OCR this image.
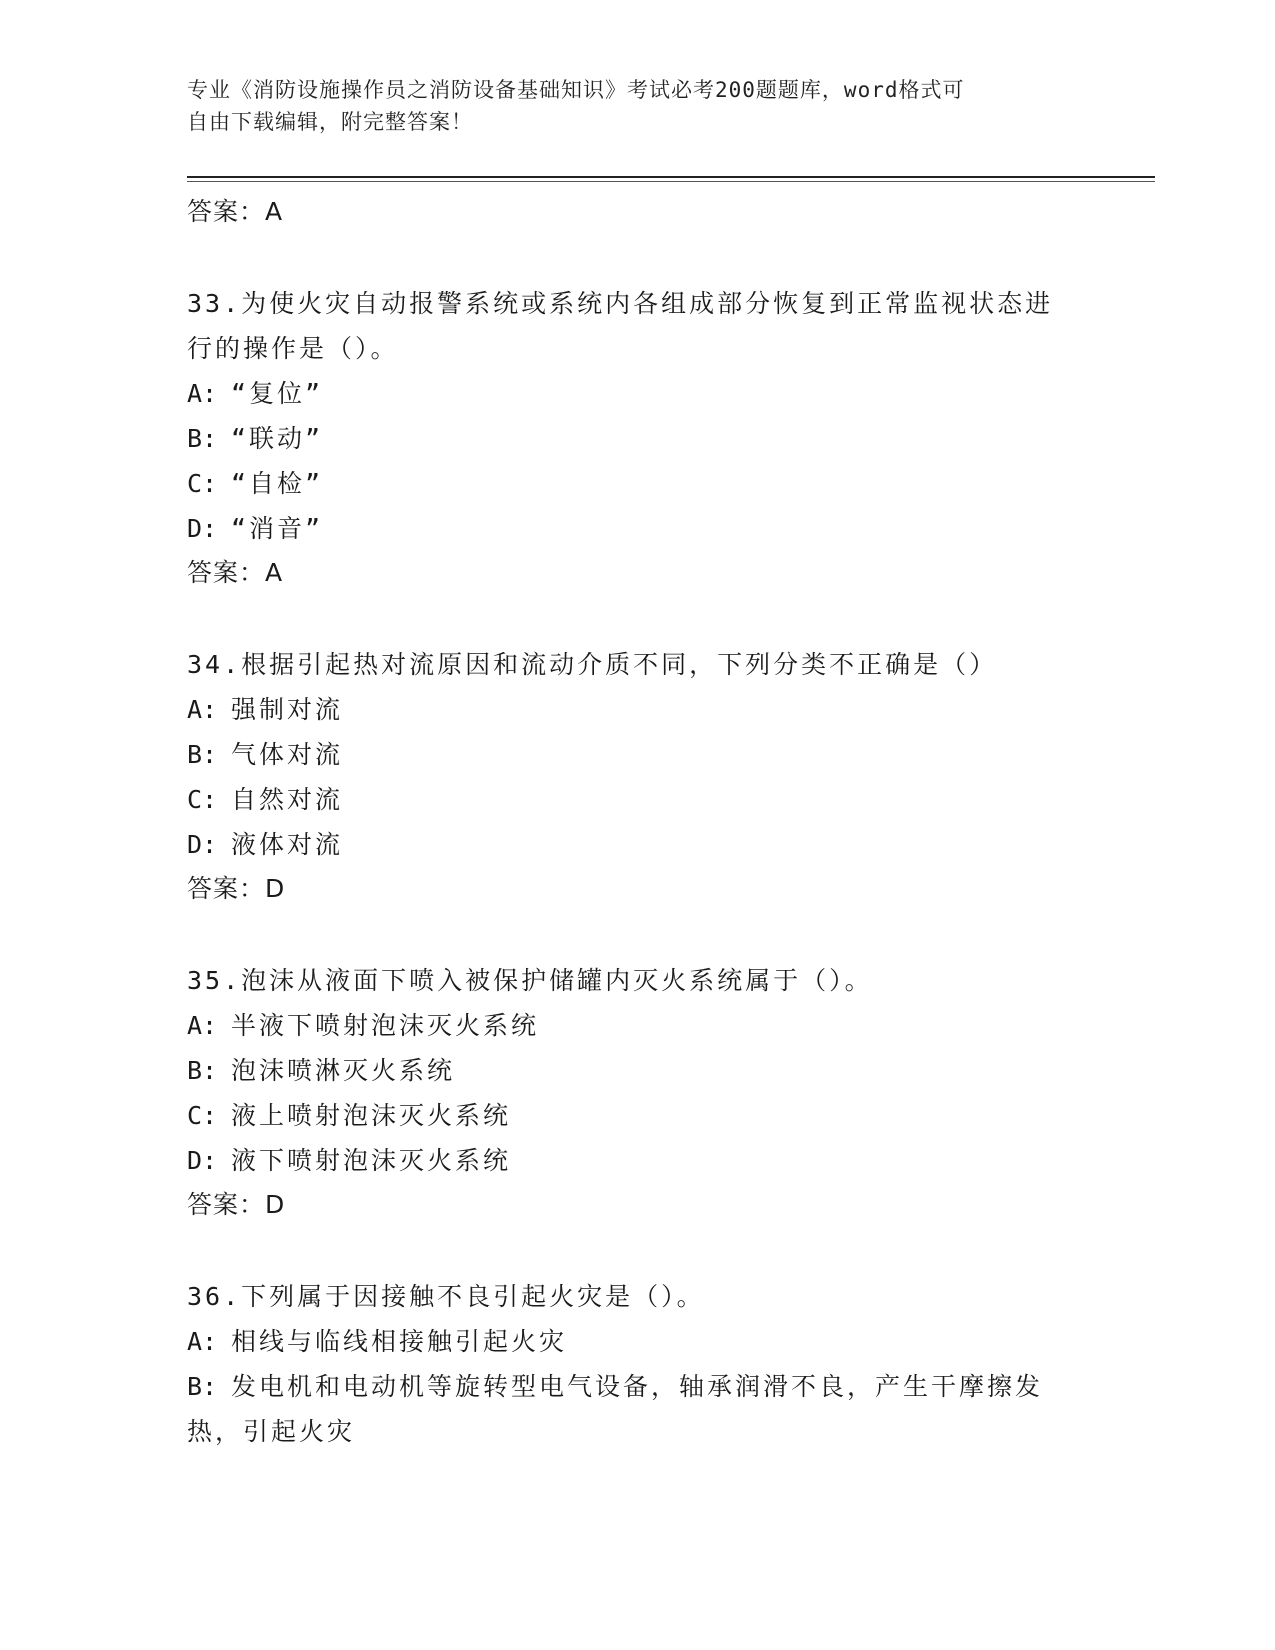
专业《消防设施操作员之消防设备基础知识》考试必考200题题库，word格式可
自由下载编辑，附完整答案！
答案：A
33.为使火灾自动报警系统或系统内各组成部分恢复到正常监视状态进
行的操作是（）。
A: “复位”
B: “联动”
C: “自检”
D: “消音”
答案：A
34.根据引起热对流原因和流动介质不同，下列分类不正确是（）
A: 强制对流
B: 气体对流
C: 自然对流
D: 液体对流
答案：D
35.泡沫从液面下喷入被保护储罐内灭火系统属于（）。
A: 半液下喷射泡沫灭火系统
B: 泡沫喷淋灭火系统
C: 液上喷射泡沫灭火系统
D: 液下喷射泡沫灭火系统
答案：D
36.下列属于因接触不良引起火灾是（）。
A: 相线与临线相接触引起火灾
B: 发电机和电动机等旋转型电气设备，轴承润滑不良，产生干摩擦发
热，引起火灾
